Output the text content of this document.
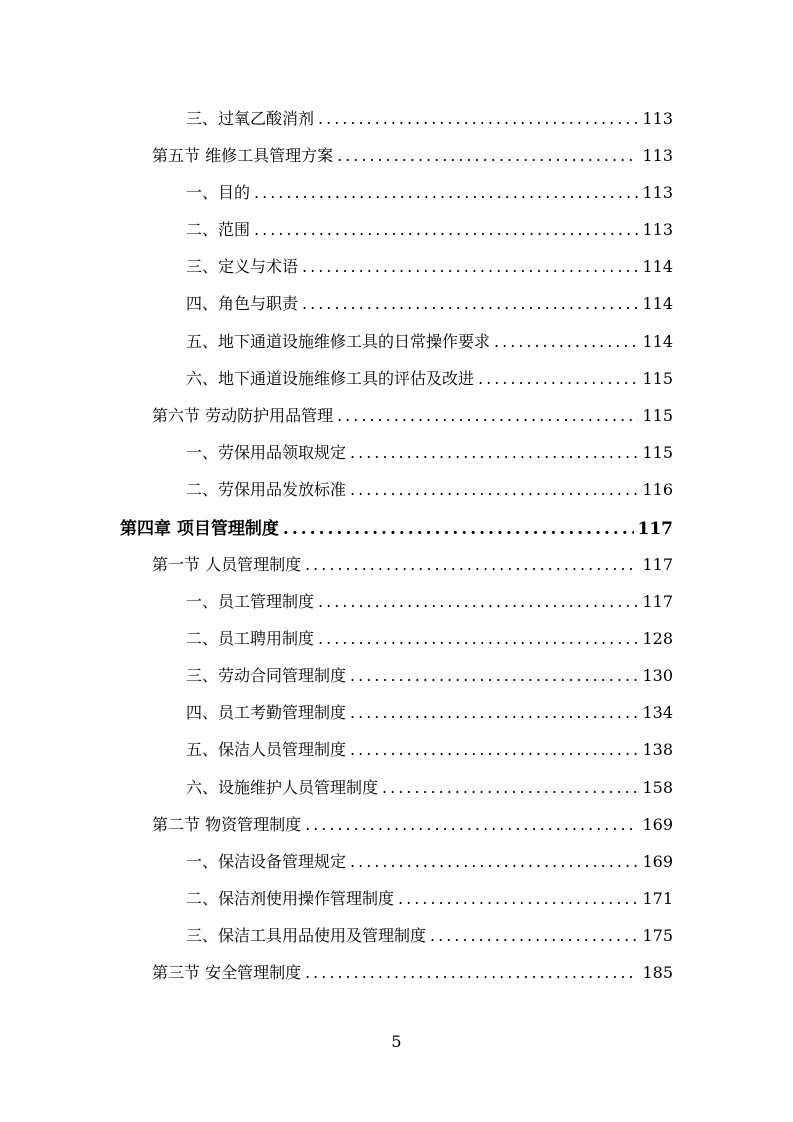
三、过氧乙酸消剂 .....	113
第五节 维修工具管理方案 .....	113
一、目的 .....	113
二、范围 .....	113
三、定义与术语 .....	114
四、角色与职责 .....	114
五、地下通道设施维修工具的日常操作要求 .....	114
六、地下通道设施维修工具的评估及改进 .....	115
第六节 劳动防护用品管理 .....	115
一、劳保用品领取规定 .....	115
二、劳保用品发放标准 .....	116
第四章 项目管理制度 .....	117
第一节 人员管理制度 .....	117
一、员工管理制度 .....	117
二、员工聘用制度 .....	128
三、劳动合同管理制度 .....	130
四、员工考勤管理制度 .....	134
五、保洁人员管理制度 .....	138
六、设施维护人员管理制度 .....	158
第二节 物资管理制度 .....	169
一、保洁设备管理规定 .....	169
二、保洁剂使用操作管理制度 .....	171
三、保洁工具用品使用及管理制度 .....	175
第三节 安全管理制度 .....	185
5
